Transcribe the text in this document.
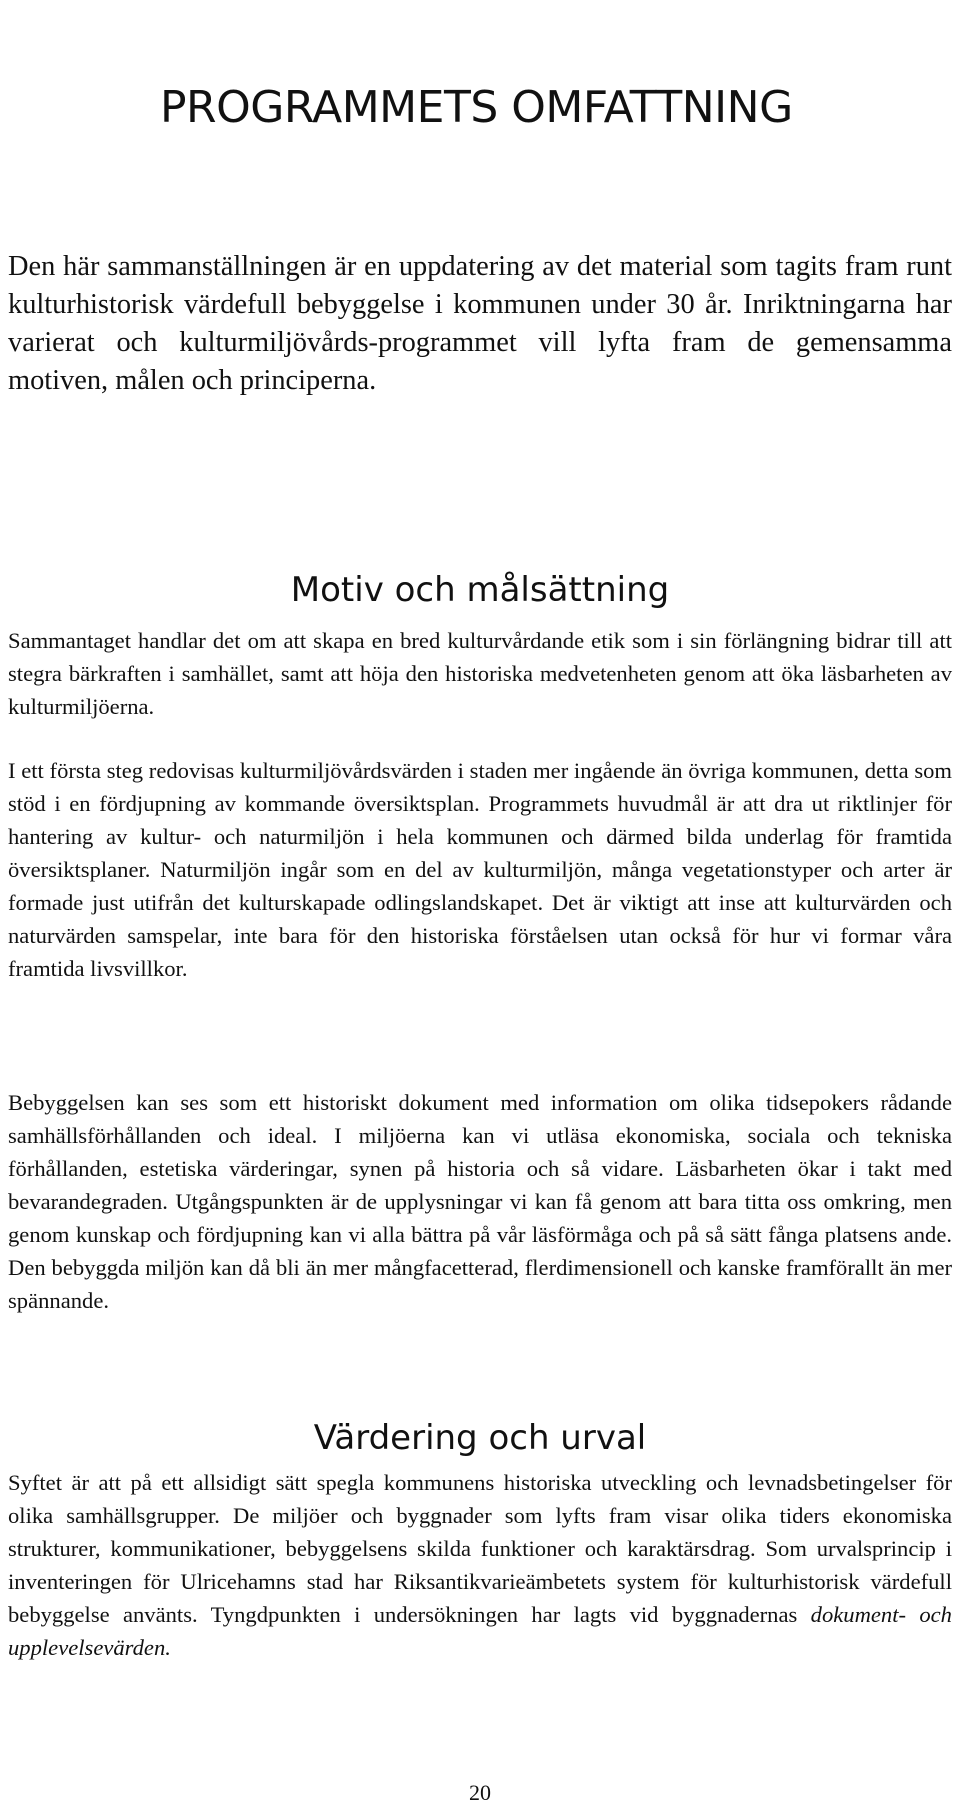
PROGRAMMETS OMFATTNING

Den här sammanställningen är en uppdatering av det material som tagits fram runt kulturhistorisk värdefull bebyggelse i kommunen under 30 år. Inriktningarna har varierat och kulturmiljövårds-programmet vill lyfta fram de gemensamma motiven, målen och principerna.

Motiv och målsättning

Sammantaget handlar det om att skapa en bred kulturvårdande etik som i sin förlängning bidrar till att stegra bärkraften i samhället, samt att höja den historiska medvetenheten genom att öka läsbarheten av kulturmiljöerna.

I ett första steg redovisas kulturmiljövårdsvärden i staden mer ingående än övriga kommunen, detta som stöd i en fördjupning av kommande översiktsplan. Programmets huvudmål är att dra ut riktlinjer för hantering av kultur- och naturmiljön i hela kommunen och därmed bilda underlag för framtida översiktsplaner. Naturmiljön ingår som en del av kulturmiljön, många vegetationstyper och arter är formade just utifrån det kulturskapade odlingslandskapet. Det är viktigt att inse att kulturvärden och naturvärden samspelar, inte bara för den historiska förståelsen utan också för hur vi formar våra framtida livsvillkor.

Bebyggelsen kan ses som ett historiskt dokument med information om olika tidsepokers rådande samhällsförhållanden och ideal. I miljöerna kan vi utläsa ekonomiska, sociala och tekniska förhållanden, estetiska värderingar, synen på historia och så vidare. Läsbarheten ökar i takt med bevarandegraden. Utgångspunkten är de upplysningar vi kan få genom att bara titta oss omkring, men genom kunskap och fördjupning kan vi alla bättra på vår läsförmåga och på så sätt fånga platsens ande. Den bebyggda miljön kan då bli än mer mångfacetterad, flerdimensionell och kanske framförallt än mer spännande.

Värdering och urval

Syftet är att på ett allsidigt sätt spegla kommunens historiska utveckling och levnadsbetingelser för olika samhällsgrupper. De miljöer och byggnader som lyfts fram visar olika tiders ekonomiska strukturer, kommunikationer, bebyggelsens skilda funktioner och karaktärsdrag. Som urvalsprincip i inventeringen för Ulricehamns stad har Riksantikvarieämbetets system för kulturhistorisk värdefull bebyggelse använts. Tyngdpunkten i undersökningen har lagts vid byggnadernas dokument- och upplevelsevärden.

20
